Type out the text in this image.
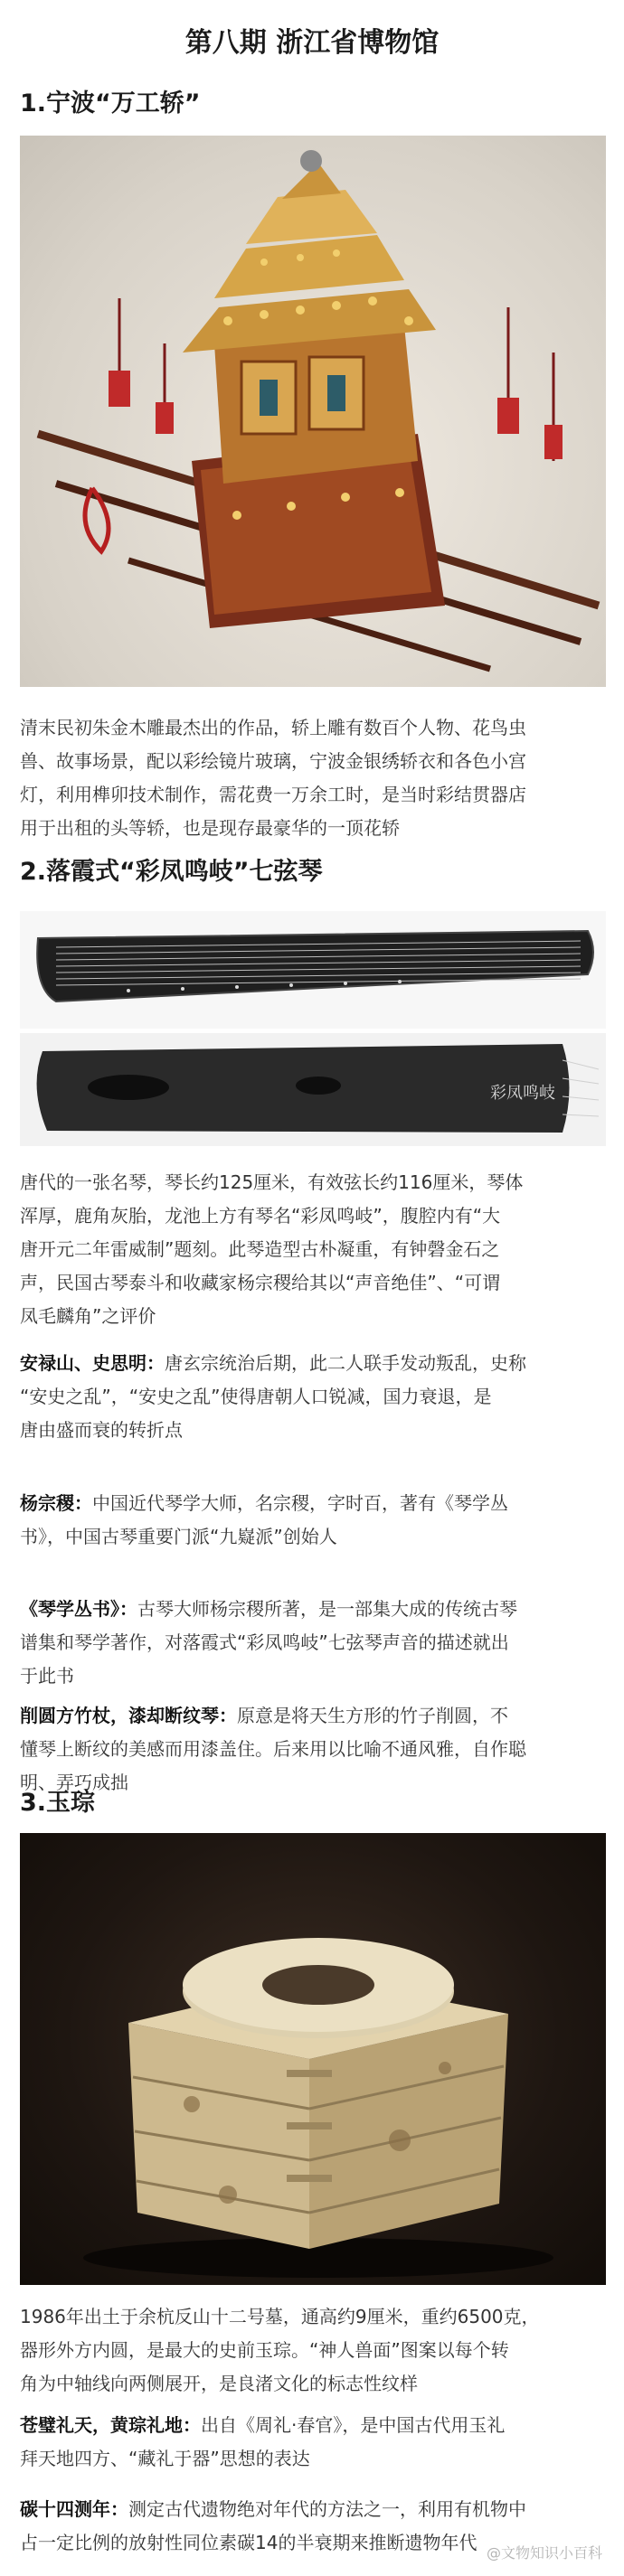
第八期 浙江省博物馆
1.宁波“万工轿”
清末民初朱金木雕最杰出的作品，轿上雕有数百个人物、花鸟虫
兽、故事场景，配以彩绘镜片玻璃，宁波金银绣轿衣和各色小宫
灯，利用榫卯技术制作，需花费一万余工时，是当时彩结贯器店
用于出租的头等轿，也是现存最豪华的一顶花轿
2.落霞式“彩凤鸣岐”七弦琴
彩凤鸣岐
唐代的一张名琴，琴长约125厘米，有效弦长约116厘米，琴体
浑厚，鹿角灰胎，龙池上方有琴名“彩凤鸣岐”，腹腔内有“大
唐开元二年雷威制”题刻。此琴造型古朴凝重，有钟磬金石之
声，民国古琴泰斗和收藏家杨宗稷给其以“声音绝佳”、“可谓
凤毛麟角”之评价
安禄山、史思明：唐玄宗统治后期，此二人联手发动叛乱，史称
“安史之乱”，“安史之乱”使得唐朝人口锐减，国力衰退，是
唐由盛而衰的转折点
杨宗稷：中国近代琴学大师，名宗稷，字时百，著有《琴学丛
书》，中国古琴重要门派“九嶷派”创始人
《琴学丛书》：古琴大师杨宗稷所著，是一部集大成的传统古琴
谱集和琴学著作，对落霞式“彩凤鸣岐”七弦琴声音的描述就出
于此书
削圆方竹杖，漆却断纹琴：原意是将天生方形的竹子削圆，不
懂琴上断纹的美感而用漆盖住。后来用以比喻不通风雅，自作聪
明、弄巧成拙
3.玉琮
1986年出土于余杭反山十二号墓，通高约9厘米，重约6500克，
器形外方内圆，是最大的史前玉琮。“神人兽面”图案以每个转
角为中轴线向两侧展开，是良渚文化的标志性纹样
苍璧礼天，黄琮礼地：出自《周礼·春官》，是中国古代用玉礼
拜天地四方、“藏礼于器”思想的表达
碳十四测年：测定古代遗物绝对年代的方法之一，利用有机物中
占一定比例的放射性同位素碳14的半衰期来推断遗物年代 @文物知识小百科
